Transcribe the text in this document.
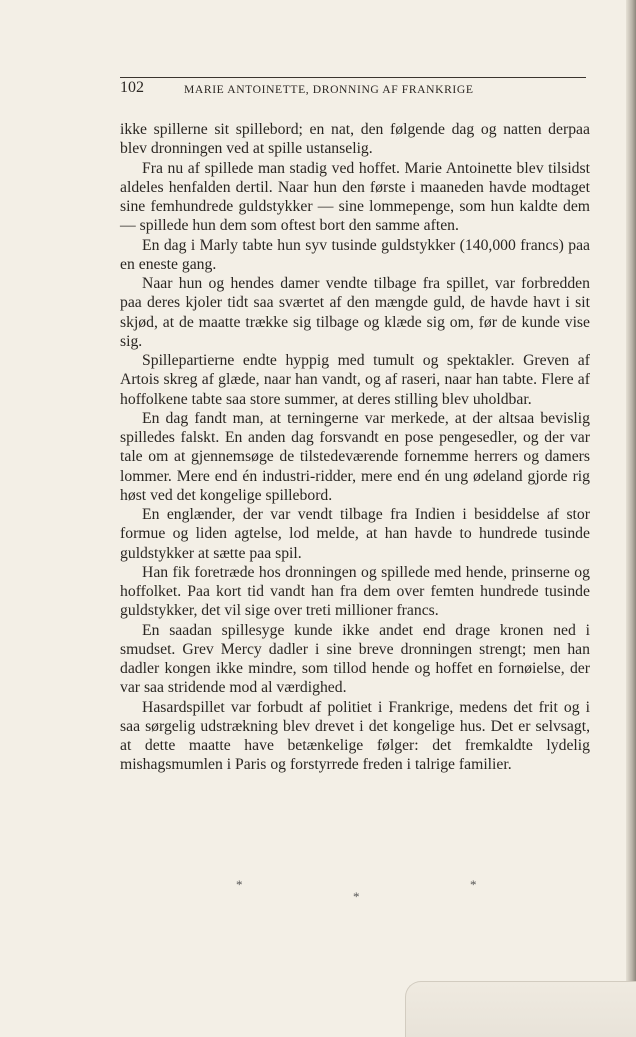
102	MARIE ANTOINETTE, DRONNING AF FRANKRIGE

ikke spillerne sit spillebord; en nat, den følgende dag og natten derpaa blev dronningen ved at spille ustanselig.

Fra nu af spillede man stadig ved hoffet. Marie Antoinette blev tilsidst aldeles henfalden dertil. Naar hun den første i maaneden havde modtaget sine femhundrede guldstykker — sine lommepenge, som hun kaldte dem — spillede hun dem som oftest bort den samme aften.

En dag i Marly tabte hun syv tusinde guldstykker (140,000 francs) paa en eneste gang.

Naar hun og hendes damer vendte tilbage fra spillet, var forbredden paa deres kjoler tidt saa sværtet af den mængde guld, de havde havt i sit skjød, at de maatte trække sig tilbage og klæde sig om, før de kunde vise sig.

Spillepartierne endte hyppig med tumult og spektakler. Greven af Artois skreg af glæde, naar han vandt, og af raseri, naar han tabte. Flere af hoffolkene tabte saa store summer, at deres stilling blev uholdbar.

En dag fandt man, at terningerne var merkede, at der altsaa bevislig spilledes falskt. En anden dag forsvandt en pose pengesedler, og der var tale om at gjennemsøge de tilstedeværende fornemme herrers og damers lommer. Mere end én industri-ridder, mere end én ung ødeland gjorde rig høst ved det kongelige spillebord.

En englænder, der var vendt tilbage fra Indien i besiddelse af stor formue og liden agtelse, lod melde, at han havde to hundrede tusinde guldstykker at sætte paa spil.

Han fik foretræde hos dronningen og spillede med hende, prinserne og hoffolket. Paa kort tid vandt han fra dem over femten hundrede tusinde guldstykker, det vil sige over treti millioner francs.

En saadan spillesyge kunde ikke andet end drage kronen ned i smudset. Grev Mercy dadler i sine breve dronningen strengt; men han dadler kongen ikke mindre, som tillod hende og hoffet en fornøielse, der var saa stridende mod al værdighed.

Hasardspillet var forbudt af politiet i Frankrige, medens det frit og i saa sørgelig udstrækning blev drevet i det kongelige hus. Det er selvsagt, at dette maatte have betænkelige følger: det fremkaldte lydelig mishagsmumlen i Paris og forstyrrede freden i talrige familier.

*
*
*
